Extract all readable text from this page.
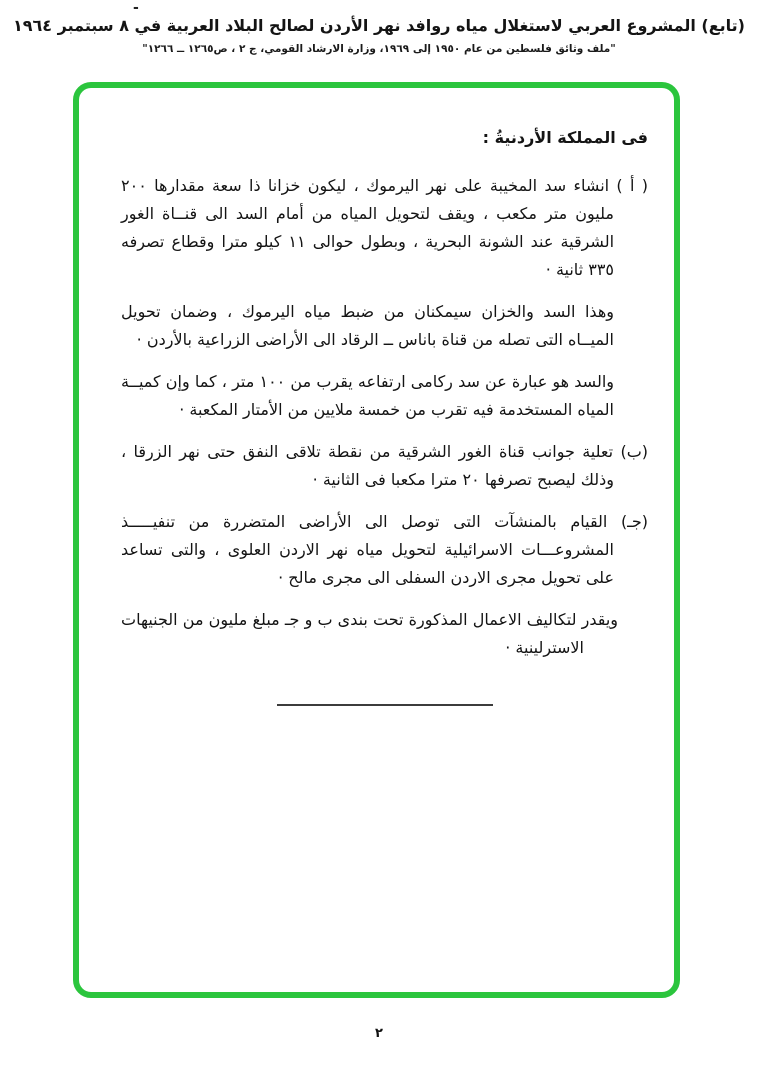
-
(تابع) المشروع العربي لاستغلال مياه روافد نهر الأردن لصالح البلاد العربية في ٨ سبتمبر ١٩٦٤
"ملف وثائق فلسطين من عام ١٩٥٠ إلى ١٩٦٩، وزارة الارشاد القومي، ج ٢ ، ص١٢٦٥ ــ ١٢٦٦"
فى المملكة الأردنيةُ :

( أ ) انشاء سد المخيبة على نهر اليرموك ، ليكون خزانا ذا سعة مقدارها ٢٠٠ مليون متر مكعب ، ويقف لتحويل المياه من أمام السد الى قنــاة الغور الشرقية عند الشونة البحرية ، وبطول حوالى ١١ كيلو مترا وقطاع تصرفه ٣٣٥ ثانية ·

وهذا السد والخزان سيمكنان من ضبط مياه اليرموك ، وضمان تحويل الميــاه التى تصله من قناة باناس ــ الرقاد الى الأراضى الزراعية بالأردن ·

والسد هو عبارة عن سد ركامى ارتفاعه يقرب من ١٠٠ متر ، كما وإن كميــة المياه المستخدمة فيه تقرب من خمسة ملايين من الأمتار المكعبة ·

(ب) تعلية جوانب قناة الغور الشرقية من نقطة تلاقى النفق حتى نهر الزرقا ، وذلك ليصبح تصرفها ٢٠ مترا مكعبا فى الثانية ·

(جـ) القيام بالمنشآت التى توصل الى الأراضى المتضررة من تنفيـــــذ المشروعـــات الاسرائيلية لتحويل مياه نهر الاردن العلوى ، والتى تساعد على تحويل مجرى الاردن السفلى الى مجرى مالح ·

ويقدر لتكاليف الاعمال المذكورة تحت بندى ب و جـ مبلغ مليون من الجنيهات الاسترلينية ·

٢
